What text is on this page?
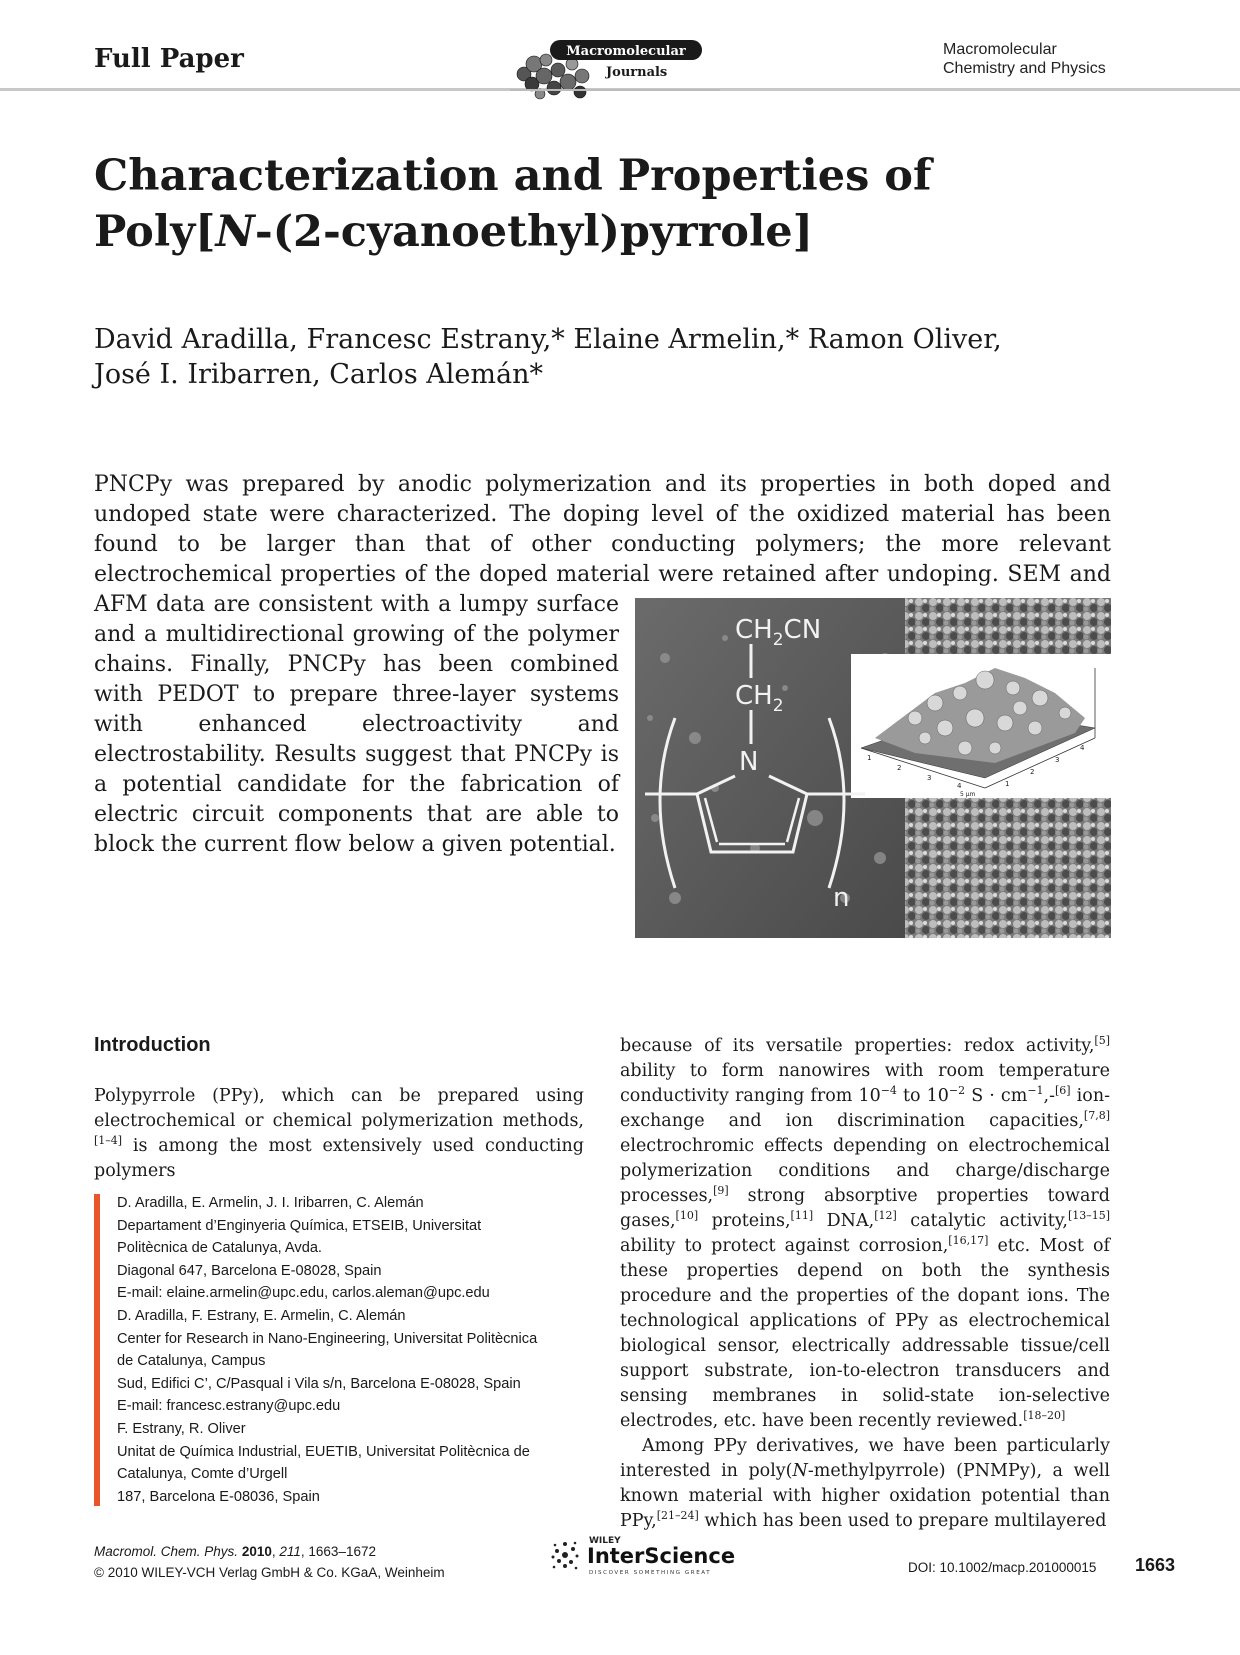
Full Paper	Macromolecular
Journals
Macromolecular
Chemistry and Physics
Characterization and Properties of
Poly[N-(2-cyanoethyl)pyrrole]
David Aradilla, Francesc Estrany,* Elaine Armelin,* Ramon Oliver,
José I. Iribarren, Carlos Alemán*
PNCPy was prepared by anodic polymerization and its properties in both doped and undoped state were characterized. The doping level of the oxidized material has been found to be larger than that of other conducting polymers; the more relevant electrochemical properties of the doped material were retained after undoping. SEM and AFM data are consistent with a lumpy surface and a multidirectional growing of the polymer chains. Finally, PNCPy has been combined with PEDOT to prepare three-layer systems with enhanced electroactivity and electrostability. Results suggest that PNCPy is a potential candidate for the fabrication of electric circuit components that are able to block the current flow below a given potential.
1
2
3
4	1
2
3
4
5 µm
$CH_2CN$
$CH_2$
N
n
Introduction
Polypyrrole (PPy), which can be prepared using electrochemical or chemical polymerization methods,[1–4] is among the most extensively used conducting polymers

because of its versatile properties: redox activity,[5] ability to form nanowires with room temperature conductivity ranging from $10^{-4}$ to $10^{-2}$ $S \cdot cm^{-1},-[6]$ ion-exchange and ion discrimination capacities,[7,8] electrochromic effects depending on electrochemical polymerization conditions and charge/discharge processes,[9] strong absorptive properties toward gases,[10] proteins,[11] DNA,[12] catalytic activity,[13–15] ability to protect against corrosion,[16,17] etc. Most of these properties depend on both the synthesis procedure and the properties of the dopant ions. The technological applications of PPy as electrochemical biological sensor, electrically addressable tissue/cell support substrate, ion-to-electron transducers and sensing membranes in solid-state ion-selective electrodes, etc. have been recently reviewed.[18–20]

Among PPy derivatives, we have been particularly interested in poly(N-methylpyrrole) (PNMPy), a well known material with higher oxidation potential than PPy,[21–24] which has been used to prepare multilayered

D. Aradilla, E. Armelin, J. I. Iribarren, C. Alemán
Departament d’Enginyeria Química, ETSEIB, Universitat
Politècnica de Catalunya, Avda.
Diagonal 647, Barcelona E-08028, Spain
E-mail: elaine.armelin@upc.edu, carlos.aleman@upc.edu
D. Aradilla, F. Estrany, E. Armelin, C. Alemán
Center for Research in Nano-Engineering, Universitat Politècnica
de Catalunya, Campus
Sud, Edifici C’, C/Pasqual i Vila s/n, Barcelona E-08028, Spain
E-mail: francesc.estrany@upc.edu
F. Estrany, R. Oliver
Unitat de Química Industrial, EUETIB, Universitat Politècnica de
Catalunya, Comte d’Urgell
187, Barcelona E-08036, Spain
Macromol. Chem. Phys. 2010, 211, 1663–1672
© 2010 WILEY-VCH Verlag GmbH & Co. KGaA, Weinheim
WILEY
InterScience
DISCOVER SOMETHING GREAT	DOI: 10.1002/macp.201000015 1663
